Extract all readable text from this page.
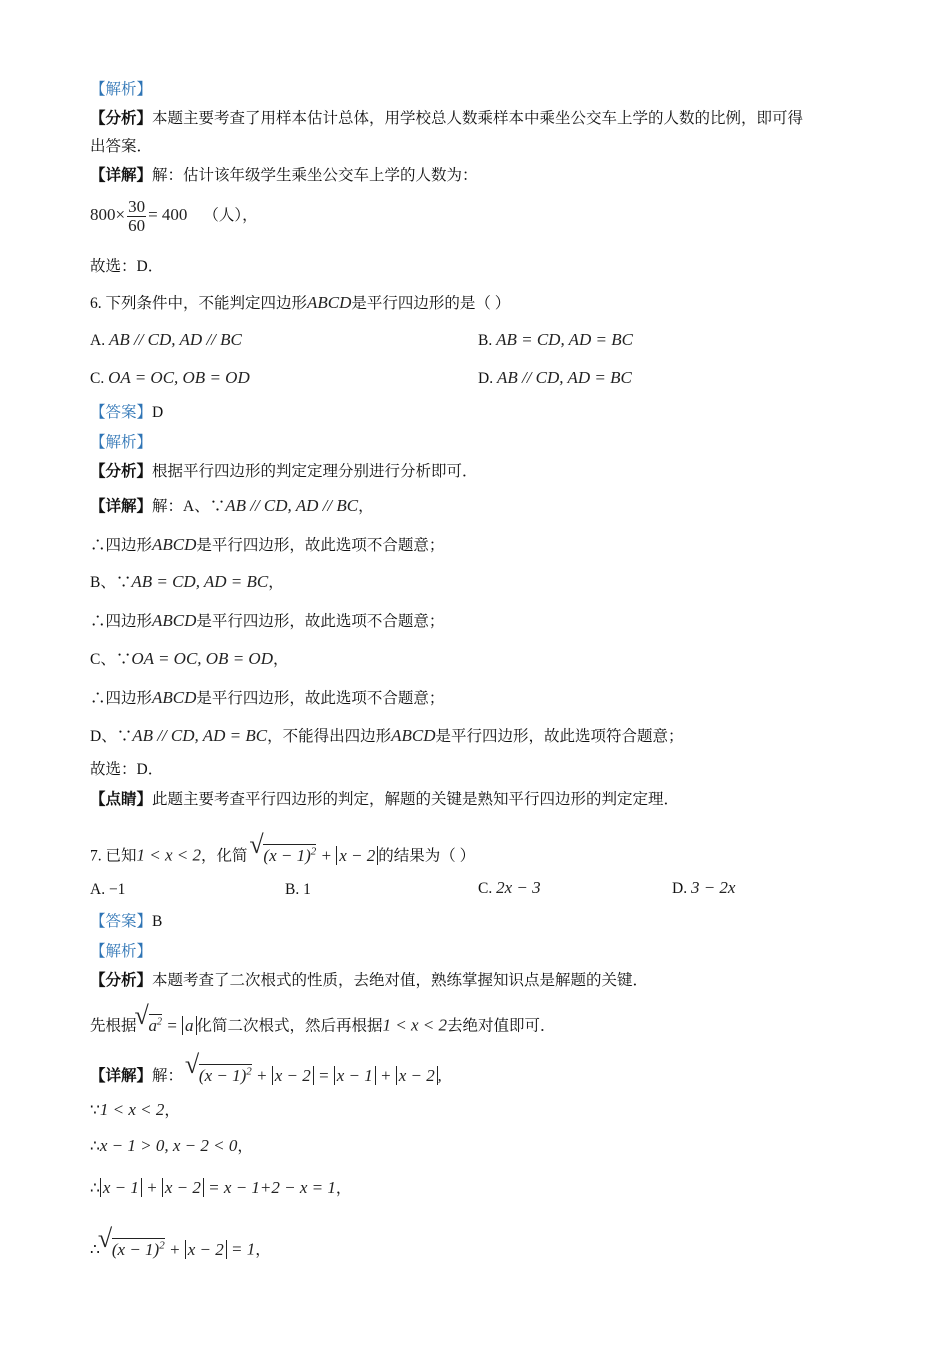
【解析】
【分析】本题主要考查了用样本估计总体，用学校总人数乘样本中乘坐公交车上学的人数的比例，即可得
出答案．
【详解】解：估计该年级学生乘坐公交车上学的人数为：
$800\times \frac{30}{60} = 400$ （人），
故选：D．
6. 下列条件中，不能判定四边形ABCD是平行四边形的是（ ）
A. AB // CD, AD // BC	B. AB = CD, AD = BC
C. OA = OC, OB = OD	D. AB // CD, AD = BC
【答案】D
【解析】
【分析】根据平行四边形的判定定理分别进行分析即可．
【详解】解：A、∵AB // CD, AD // BC，
∴四边形ABCD是平行四边形，故此选项不合题意；
B、∵AB = CD, AD = BC，
∴四边形ABCD是平行四边形，故此选项不合题意；
C、∵OA = OC, OB = OD，
∴四边形ABCD是平行四边形，故此选项不合题意；
D、∵AB // CD, AD = BC，不能得出四边形ABCD是平行四边形，故此选项符合题意；
故选：D．
【点睛】此题主要考查平行四边形的判定，解题的关键是熟知平行四边形的判定定理．
7. 已知1 < x < 2，化简 √ $(x - 1)^2 + x - 2$ 的结果为（ ）
A. −1	B. 1	C. 2x − 3	D. 3 − 2x
【答案】B
【解析】
【分析】本题考查了二次根式的性质，去绝对值，熟练掌握知识点是解题的关键．
先根据 √ $a^2 = a$ 化简二次根式，然后再根据1 < x < 2去绝对值即可．
【详解】解： √ $(x - 1)^2 + x - 2 = x - 1 + x - 2$ ,
∵1 < x < 2，
∴x − 1 > 0, x − 2 < 0，
∴ x − 1 + x − 2 = x − 1+2 − x = 1，
∴ √ $(x - 1)^2 + x - 2 = 1$，
